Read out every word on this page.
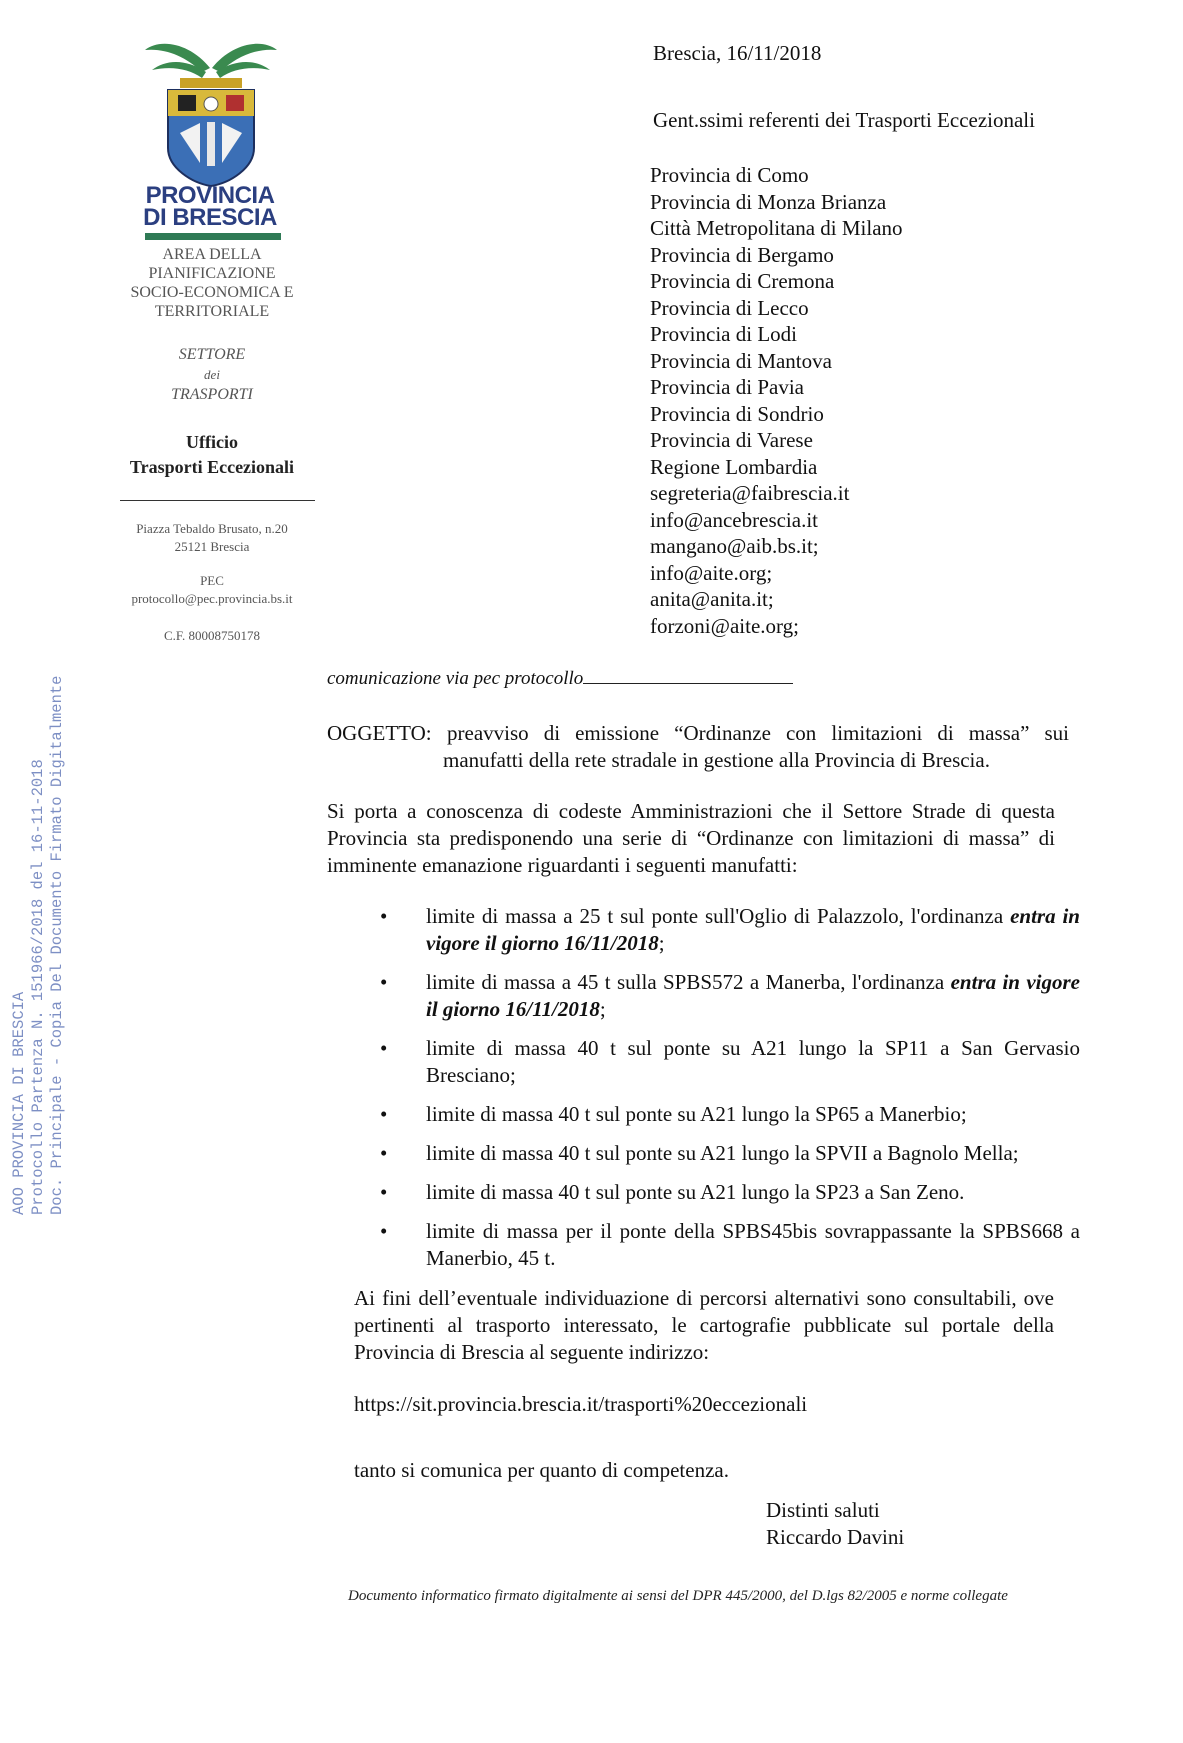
PROVINCIA
DI BRESCIA
AREA DELLA
PIANIFICAZIONE
SOCIO-ECONOMICA E
TERRITORIALE
SETTORE
dei
TRASPORTI
Ufficio
Trasporti Eccezionali
Piazza Tebaldo Brusato, n.20
25121 Brescia
PEC
protocollo@pec.provincia.bs.it
C.F. 80008750178
AOO PROVINCIA DI BRESCIA Protocollo Partenza N. 151966/2018 del 16-11-2018 Doc. Principale - Copia Del Documento Firmato Digitalmente
Brescia, 16/11/2018
Gent.ssimi referenti dei Trasporti Eccezionali
Provincia di Como
Provincia di Monza Brianza
Città Metropolitana di Milano
Provincia di Bergamo
Provincia di Cremona
Provincia di Lecco
Provincia di Lodi
Provincia di Mantova
Provincia di Pavia
Provincia di Sondrio
Provincia di Varese
Regione Lombardia
segreteria@faibrescia.it
info@ancebrescia.it
mangano@aib.bs.it;
info@aite.org;
anita@anita.it;
forzoni@aite.org;
comunicazione via pec protocollo
OGGETTO: preavviso di emissione “Ordinanze con limitazioni di massa” sui
manufatti della rete stradale in gestione alla Provincia di Brescia.
Si porta a conoscenza di codeste Amministrazioni che il Settore Strade di questa Provincia sta predisponendo una serie di “Ordinanze con limitazioni di massa” di imminente emanazione riguardanti i seguenti manufatti:
• limite di massa a 25 t sul ponte sull'Oglio di Palazzolo, l'ordinanza entra in vigore il giorno 16/11/2018;
• limite di massa a 45 t sulla SPBS572 a Manerba, l'ordinanza entra in vigore il giorno 16/11/2018;
• limite di massa 40 t sul ponte su A21 lungo la SP11 a San Gervasio Bresciano;
• limite di massa 40 t sul ponte su A21 lungo la SP65 a Manerbio;
• limite di massa 40 t sul ponte su A21 lungo la SPVII a Bagnolo Mella;
• limite di massa 40 t sul ponte su A21 lungo la SP23 a San Zeno.
• limite di massa per il ponte della SPBS45bis sovrappassante la SPBS668 a Manerbio, 45 t.
Ai fini dell’eventuale individuazione di percorsi alternativi sono consultabili, ove pertinenti al trasporto interessato, le cartografie pubblicate sul portale della Provincia di Brescia al seguente indirizzo:
https://sit.provincia.brescia.it/trasporti%20eccezionali
tanto si comunica per quanto di competenza.
Distinti saluti
Riccardo Davini
Documento informatico firmato digitalmente ai sensi del DPR 445/2000, del D.lgs 82/2005 e norme collegate
